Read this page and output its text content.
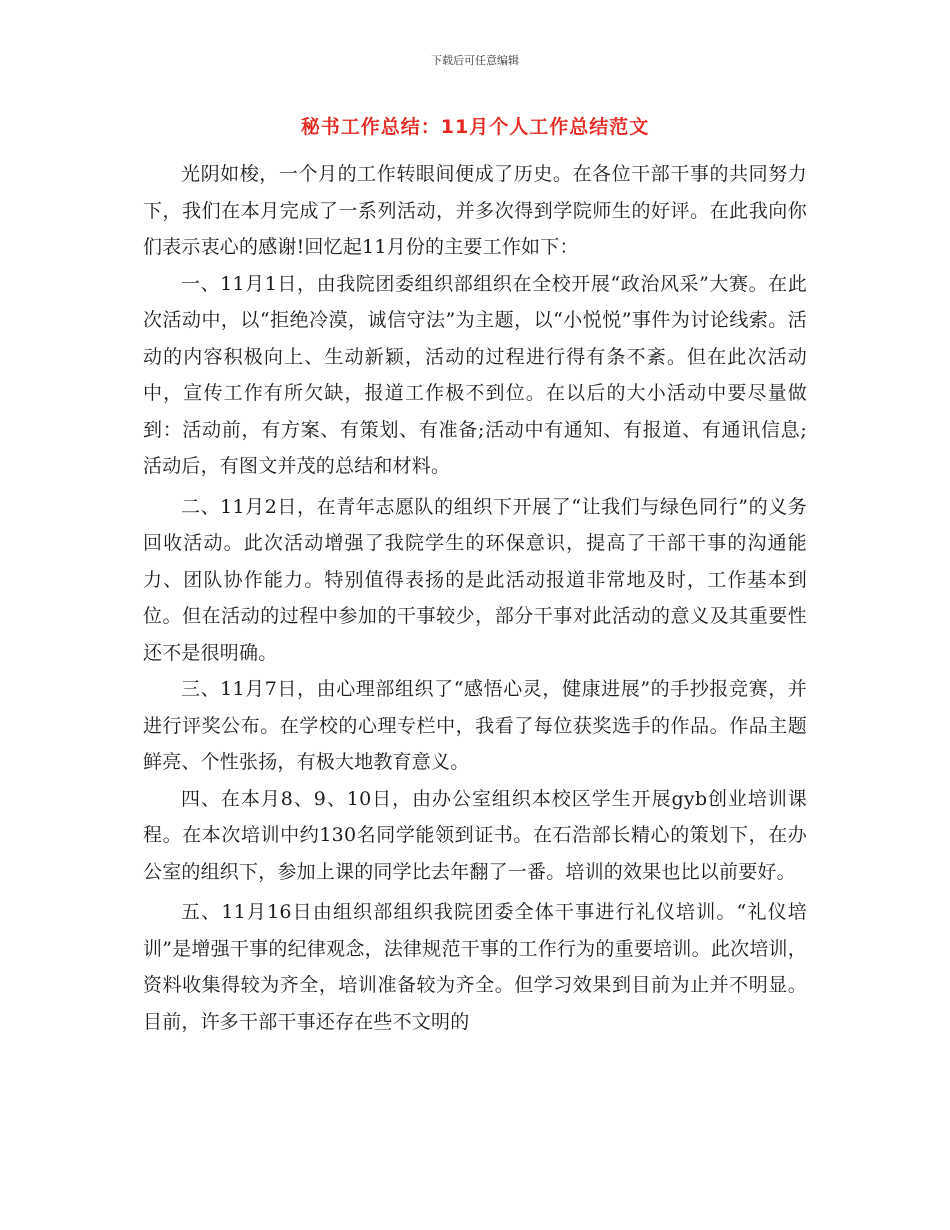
下载后可任意编辑
秘书工作总结：11月个人工作总结范文

光阴如梭，一个月的工作转眼间便成了历史。在各位干部干事的共同努力下，我们在本月完成了一系列活动，并多次得到学院师生的好评。在此我向你们表示衷心的感谢!回忆起11月份的主要工作如下：

一、11月1日，由我院团委组织部组织在全校开展“政治风采”大赛。在此次活动中，以“拒绝冷漠，诚信守法”为主题，以“小悦悦”事件为讨论线索。活动的内容积极向上、生动新颖，活动的过程进行得有条不紊。但在此次活动中，宣传工作有所欠缺，报道工作极不到位。在以后的大小活动中要尽量做到：活动前，有方案、有策划、有准备;活动中有通知、有报道、有通讯信息;活动后，有图文并茂的总结和材料。

二、11月2日，在青年志愿队的组织下开展了“让我们与绿色同行”的义务回收活动。此次活动增强了我院学生的环保意识，提高了干部干事的沟通能力、团队协作能力。特别值得表扬的是此活动报道非常地及时，工作基本到位。但在活动的过程中参加的干事较少，部分干事对此活动的意义及其重要性还不是很明确。

三、11月7日，由心理部组织了“感悟心灵，健康进展”的手抄报竞赛，并进行评奖公布。在学校的心理专栏中，我看了每位获奖选手的作品。作品主题鲜亮、个性张扬，有极大地教育意义。

四、在本月8、9、10日，由办公室组织本校区学生开展gyb创业培训课程。在本次培训中约130名同学能领到证书。在石浩部长精心的策划下，在办公室的组织下，参加上课的同学比去年翻了一番。培训的效果也比以前要好。

五、11月16日由组织部组织我院团委全体干事进行礼仪培训。“礼仪培训”是增强干事的纪律观念，法律规范干事的工作行为的重要培训。此次培训，资料收集得较为齐全，培训准备较为齐全。但学习效果到目前为止并不明显。目前，许多干部干事还存在些不文明的
